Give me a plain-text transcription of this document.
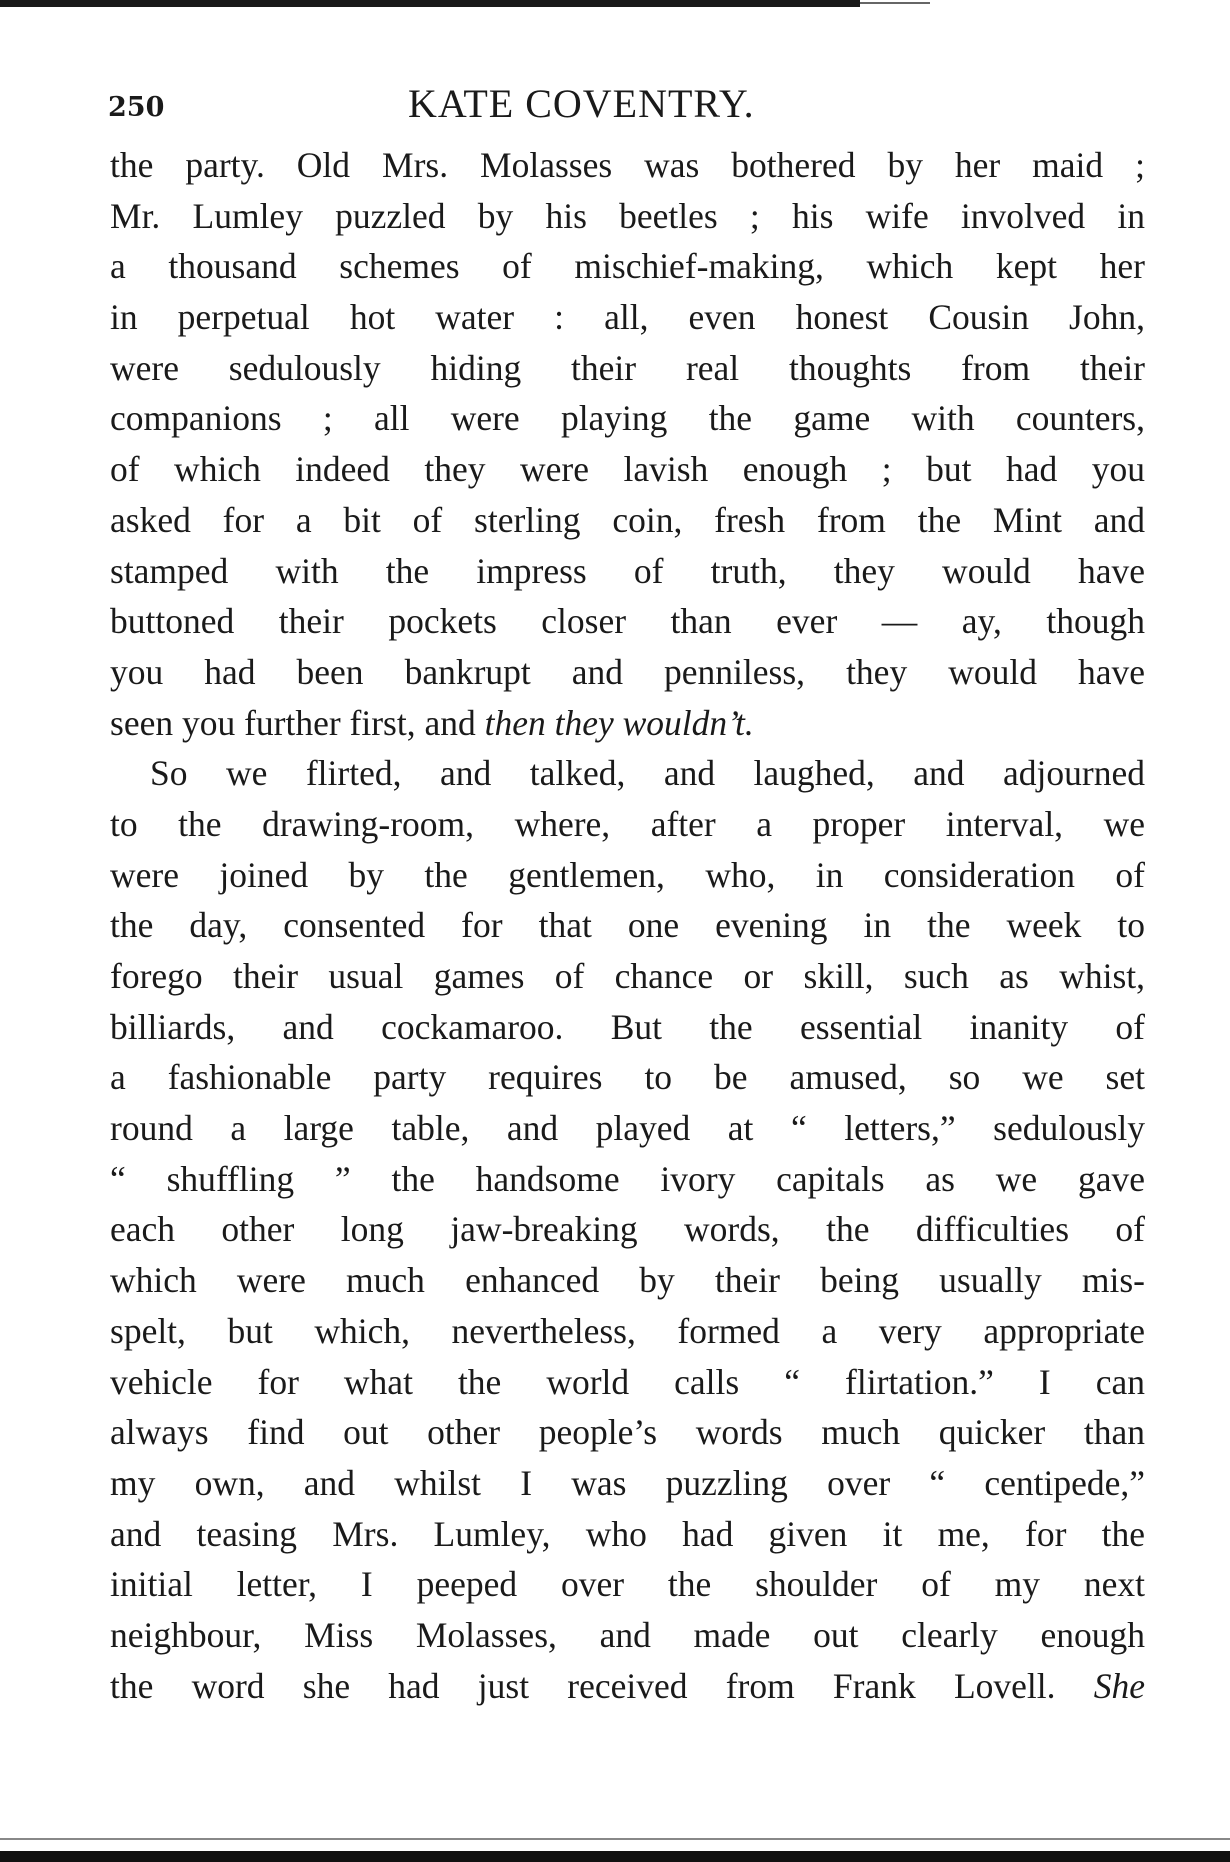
250	KATE COVENTRY.
the party. Old Mrs. Molasses was bothered by her maid ;
Mr. Lumley puzzled by his beetles ; his wife involved in
a thousand schemes of mischief-making, which kept her
in perpetual hot water : all, even honest Cousin John,
were sedulously hiding their real thoughts from their
companions ; all were playing the game with counters,
of which indeed they were lavish enough ; but had you
asked for a bit of sterling coin, fresh from the Mint and
stamped with the impress of truth, they would have
buttoned their pockets closer than ever — ay, though
you had been bankrupt and penniless, they would have
seen you further first, and then they wouldn’t.
So we flirted, and talked, and laughed, and adjourned
to the drawing-room, where, after a proper interval, we
were joined by the gentlemen, who, in consideration of
the day, consented for that one evening in the week to
forego their usual games of chance or skill, such as whist,
billiards, and cockamaroo. But the essential inanity of
a fashionable party requires to be amused, so we set
round a large table, and played at “ letters,” sedulously
“ shuffling ” the handsome ivory capitals as we gave
each other long jaw-breaking words, the difficulties of
which were much enhanced by their being usually mis-
spelt, but which, nevertheless, formed a very appropriate
vehicle for what the world calls “ flirtation.” I can
always find out other people’s words much quicker than
my own, and whilst I was puzzling over “ centipede,”
and teasing Mrs. Lumley, who had given it me, for the
initial letter, I peeped over the shoulder of my next
neighbour, Miss Molasses, and made out clearly enough
the word she had just received from Frank Lovell. She
